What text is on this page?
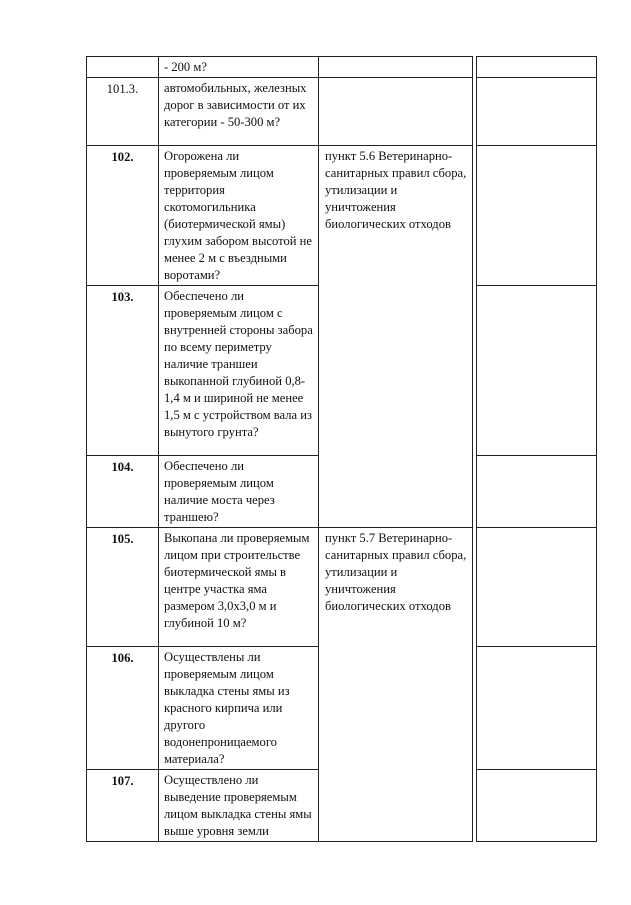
	- 200 м?			
101.3.	автомобильных, железных дорог в зависимости от их категории - 50-300 м?			
102.	Огорожена ли проверяемым лицом территория скотомогильника (биотермической ямы) глухим забором высотой не менее 2 м с въездными воротами?	пункт 5.6 Ветеринарно-санитарных правил сбора, утилизации и уничтожения биологических отходов		
103.	Обеспечено ли проверяемым лицом с внутренней стороны забора по всему периметру наличие траншеи выкопанной глубиной 0,8-1,4 м и шириной не менее 1,5 м с устройством вала из вынутого грунта?			
104.	Обеспечено ли проверяемым лицом наличие моста через траншею?			
105.	Выкопана ли проверяемым лицом при строительстве биотермической ямы в центре участка яма размером 3,0х3,0 м и глубиной 10 м?	пункт 5.7 Ветеринарно-санитарных правил сбора, утилизации и уничтожения биологических отходов		
106.	Осуществлены ли проверяемым лицом выкладка стены ямы из красного кирпича или другого водонепроницаемого материала?			
107.	Осуществлено ли выведение проверяемым лицом выкладка стены ямы выше уровня земли			
